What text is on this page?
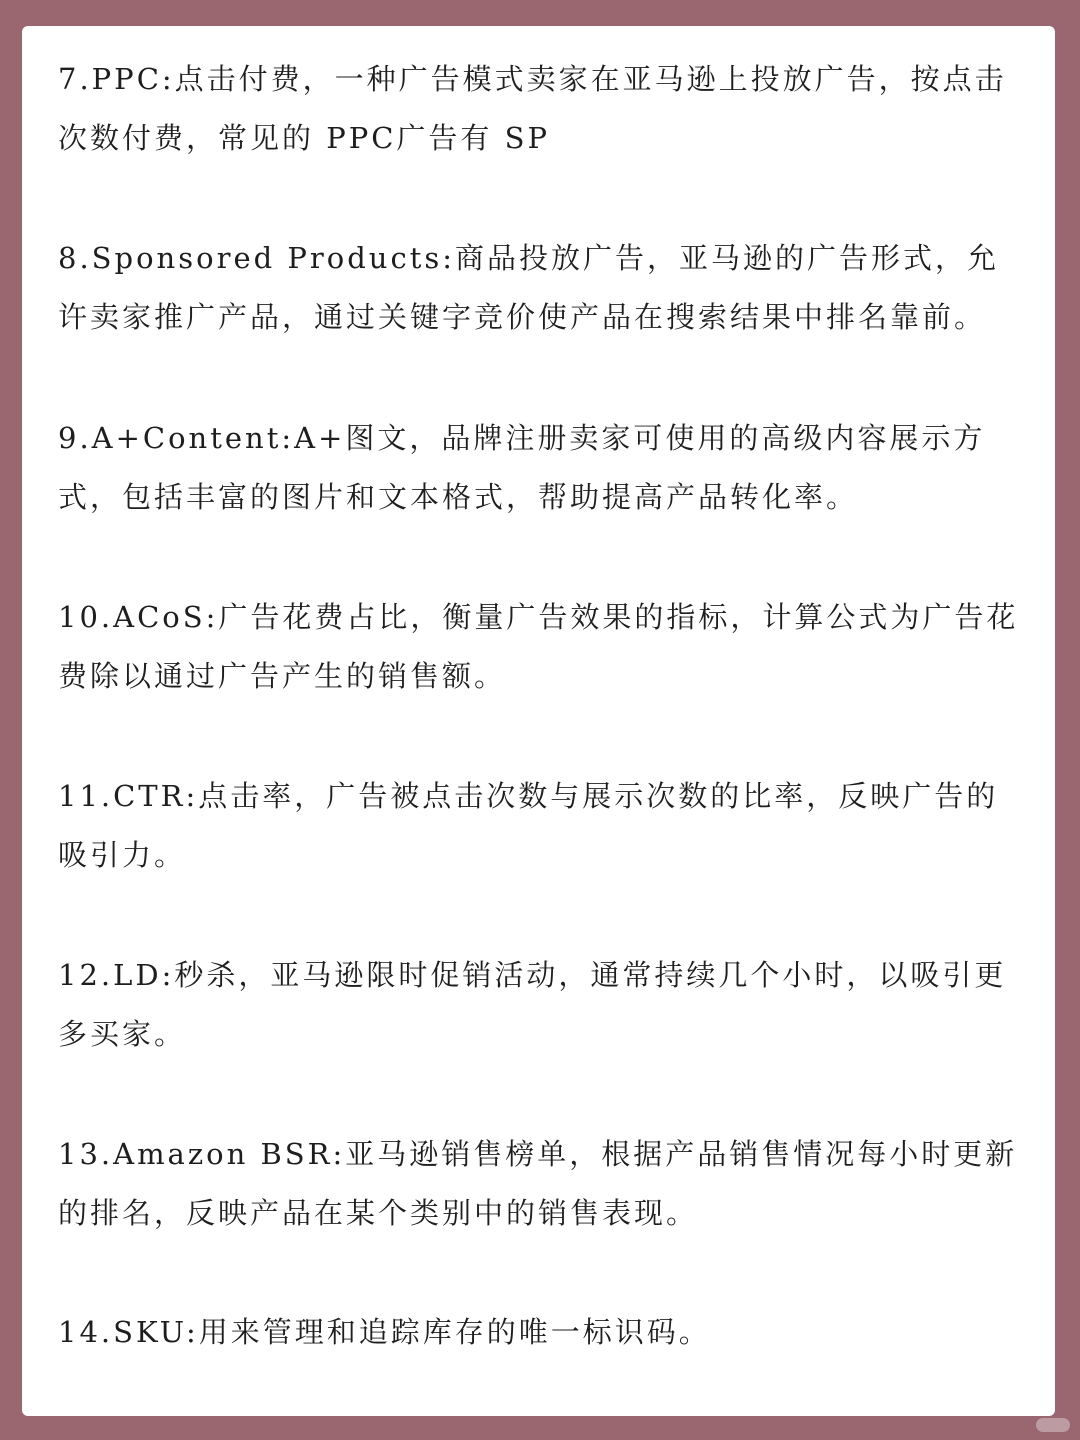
7.PPC:点击付费，一种广告模式卖家在亚马逊上投放广告，按点击次数付费，常见的 PPC广告有 SP

8.Sponsored Products:商品投放广告，亚马逊的广告形式，允许卖家推广产品，通过关键字竞价使产品在搜索结果中排名靠前。

9.A+Content:A+图文，品牌注册卖家可使用的高级内容展示方式，包括丰富的图片和文本格式，帮助提高产品转化率。

10.ACoS:广告花费占比，衡量广告效果的指标，计算公式为广告花费除以通过广告产生的销售额。

11.CTR:点击率，广告被点击次数与展示次数的比率，反映广告的吸引力。

12.LD:秒杀，亚马逊限时促销活动，通常持续几个小时，以吸引更多买家。

13.Amazon BSR:亚马逊销售榜单，根据产品销售情况每小时更新的排名，反映产品在某个类别中的销售表现。

14.SKU:用来管理和追踪库存的唯一标识码。
